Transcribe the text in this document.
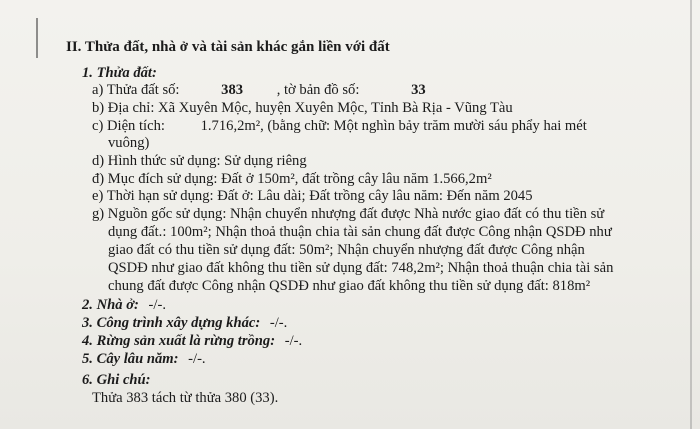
II. Thửa đất, nhà ở và tài sản khác gắn liền với đất
1. Thửa đất:
a) Thửa đất số:	383 , tờ bản đồ số:	33
b) Địa chỉ: Xã Xuyên Mộc, huyện Xuyên Mộc, Tỉnh Bà Rịa - Vũng Tàu
c) Diện tích: 1.716,2m², (bằng chữ: Một nghìn bảy trăm mười sáu phẩy hai mét
vuông)
d) Hình thức sử dụng: Sử dụng riêng
đ) Mục đích sử dụng: Đất ở 150m², đất trồng cây lâu năm 1.566,2m²
e) Thời hạn sử dụng: Đất ở: Lâu dài; Đất trồng cây lâu năm: Đến năm 2045
g) Nguồn gốc sử dụng: Nhận chuyển nhượng đất được Nhà nước giao đất có thu tiền sử
dụng đất.: 100m²; Nhận thoả thuận chia tài sản chung đất được Công nhận QSDĐ như
giao đất có thu tiền sử dụng đất: 50m²; Nhận chuyển nhượng đất được Công nhận
QSDĐ như giao đất không thu tiền sử dụng đất: 748,2m²; Nhận thoả thuận chia tài sản
chung đất được Công nhận QSDĐ như giao đất không thu tiền sử dụng đất: 818m²
2. Nhà ở: -/-.
3. Công trình xây dựng khác: -/-.
4. Rừng sản xuất là rừng trồng: -/-.
5. Cây lâu năm: -/-.
6. Ghi chú:
Thửa 383 tách từ thửa 380 (33).
